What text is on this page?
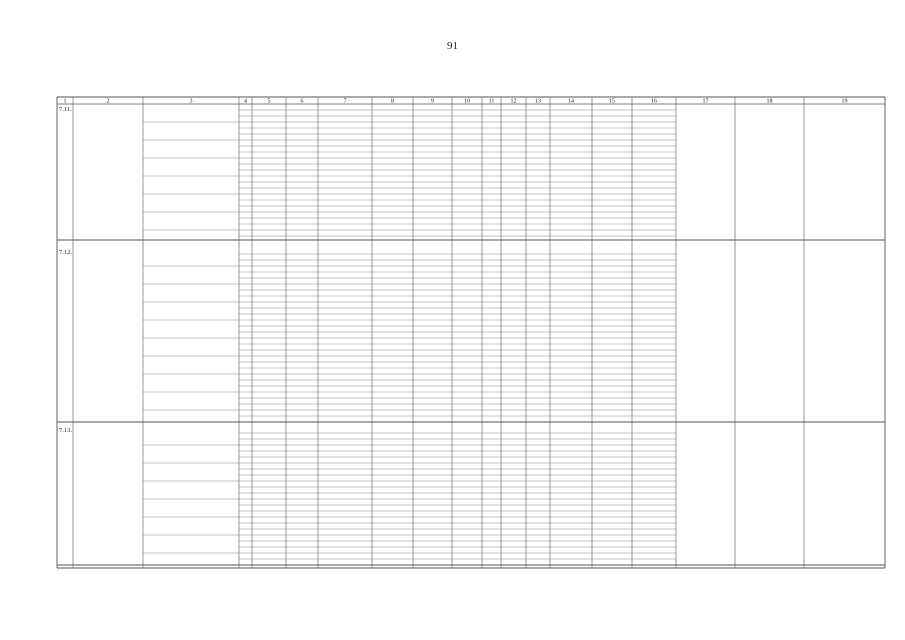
91
1	2	3	4	5	6	7	8	9	10	11	12	13	14	15	16	17	18	19
7.11.
7.12.
7.13.
